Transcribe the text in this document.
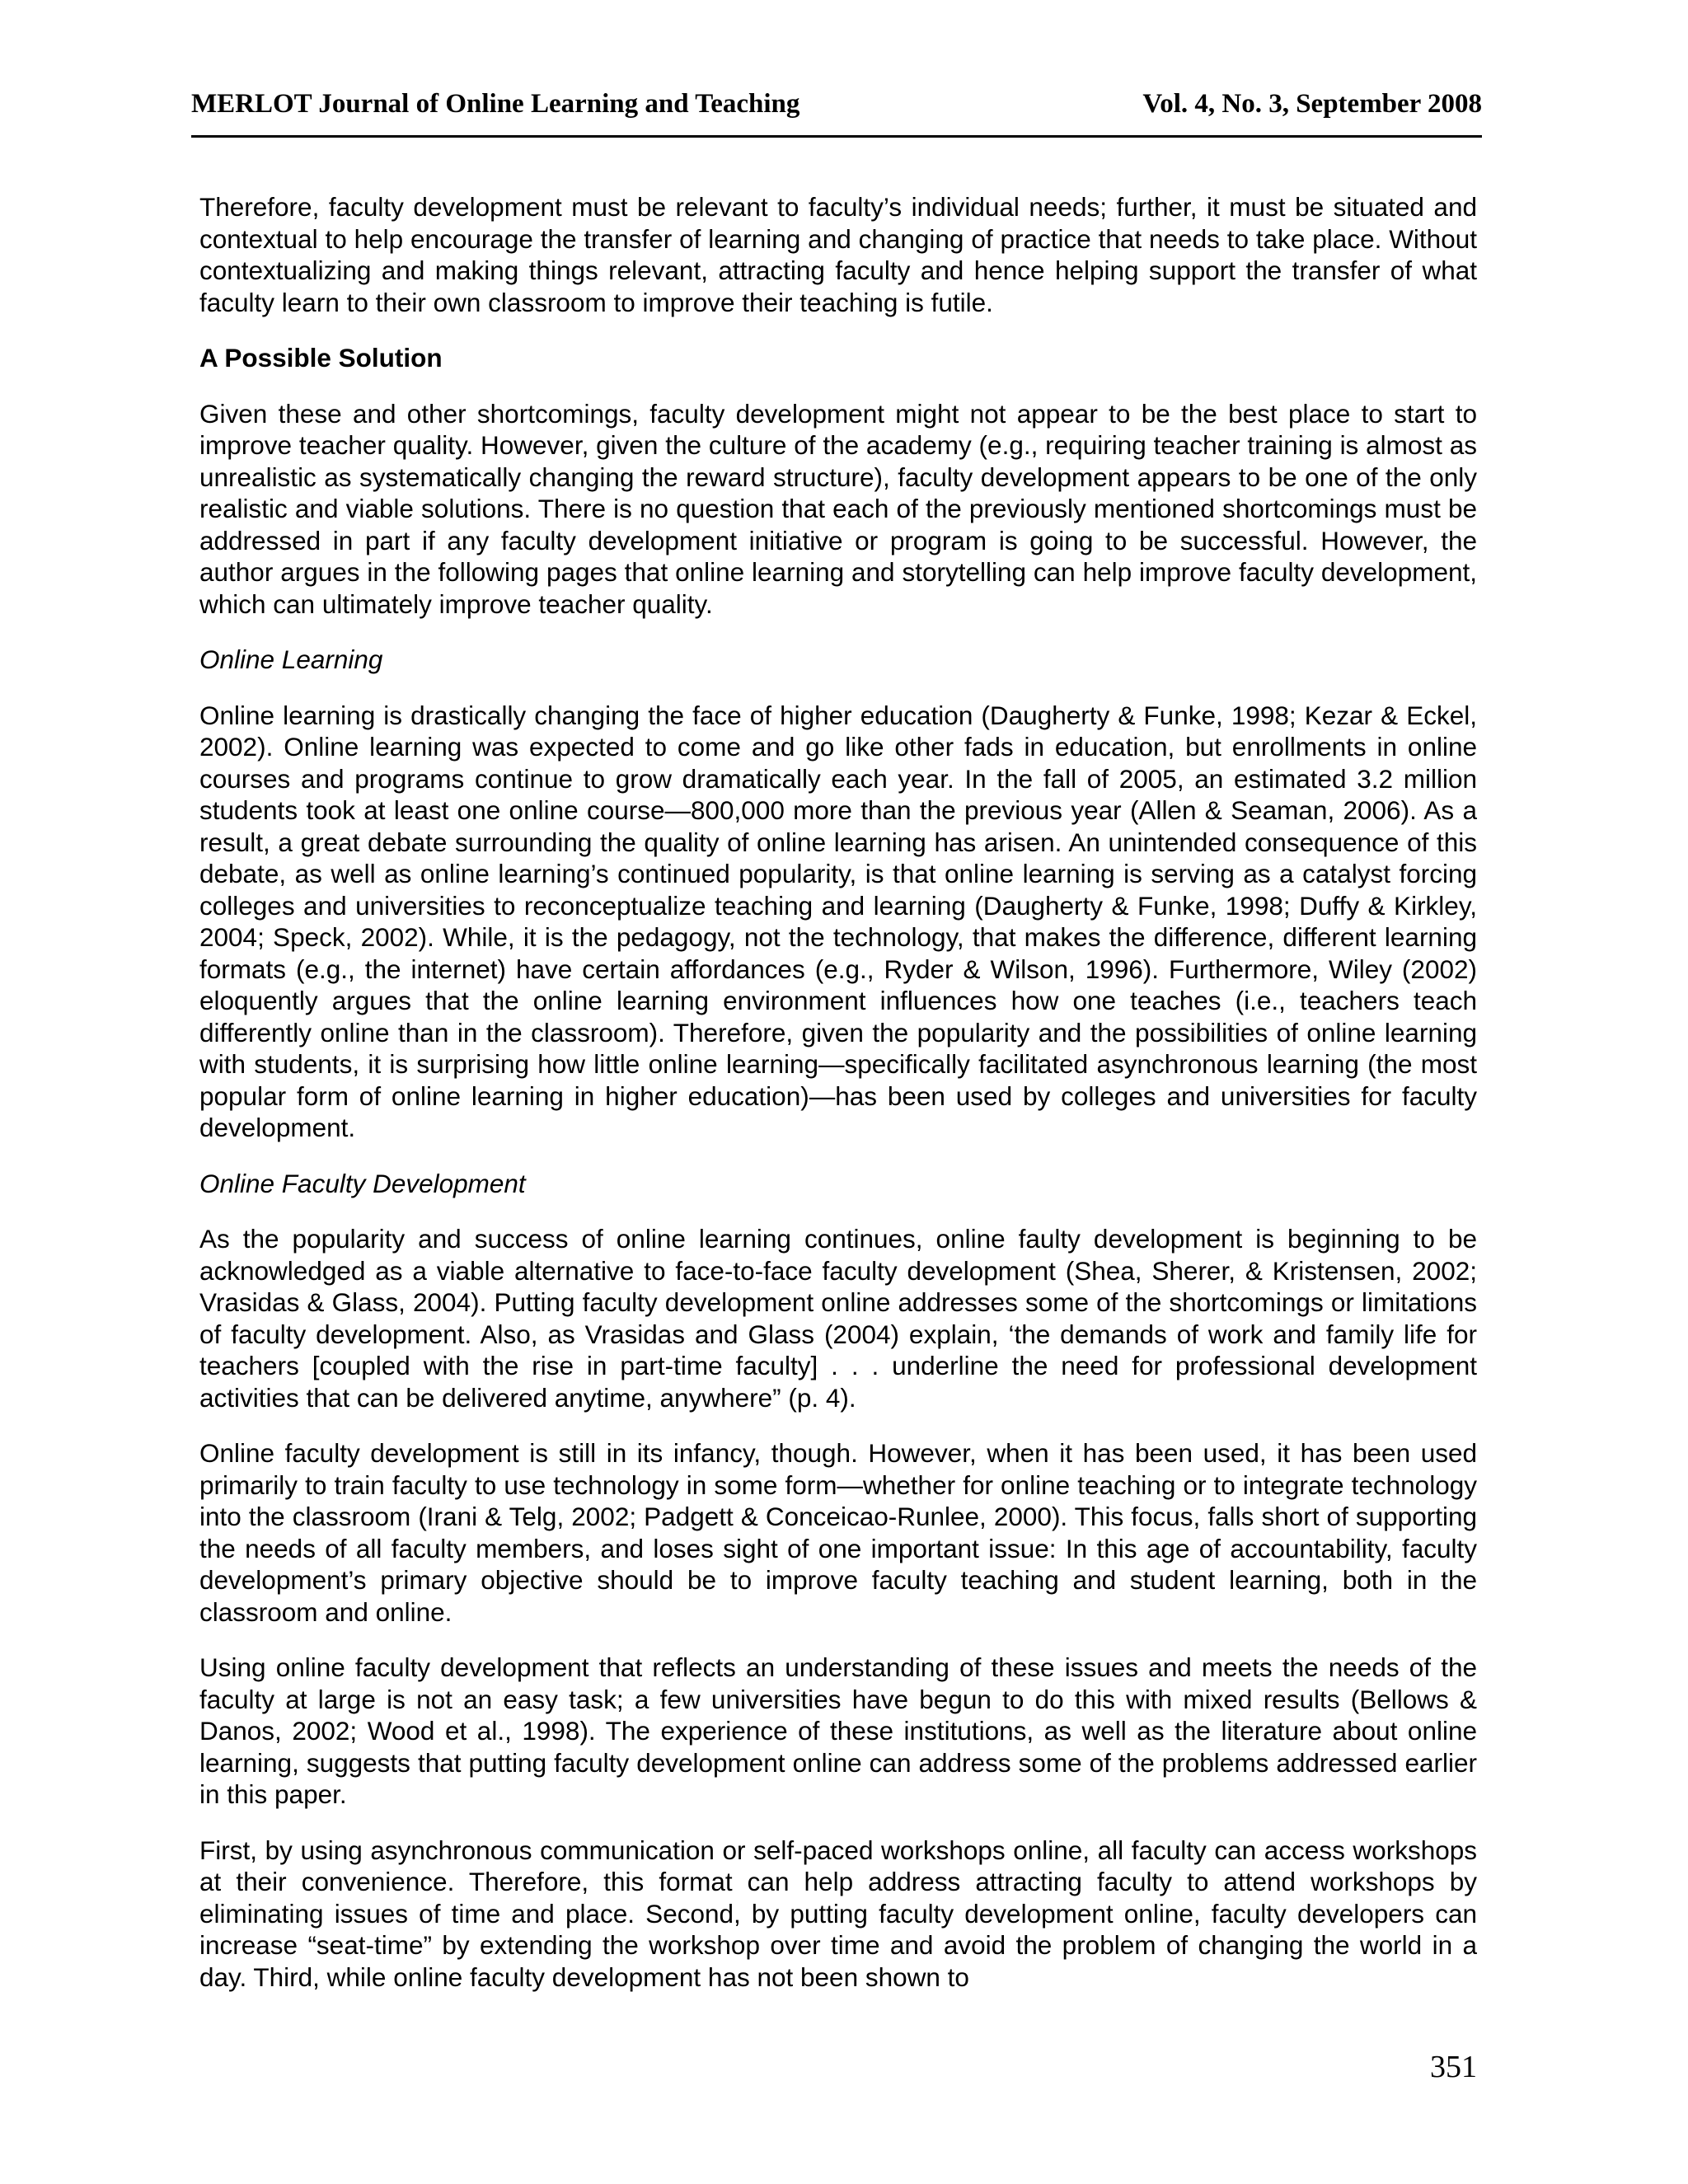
MERLOT Journal of Online Learning and Teaching	Vol. 4, No. 3, September 2008

Therefore, faculty development must be relevant to faculty’s individual needs; further, it must be situated and contextual to help encourage the transfer of learning and changing of practice that needs to take place. Without contextualizing and making things relevant, attracting faculty and hence helping support the transfer of what faculty learn to their own classroom to improve their teaching is futile.

A Possible Solution

Given these and other shortcomings, faculty development might not appear to be the best place to start to improve teacher quality. However, given the culture of the academy (e.g., requiring teacher training is almost as unrealistic as systematically changing the reward structure), faculty development appears to be one of the only realistic and viable solutions. There is no question that each of the previously mentioned shortcomings must be addressed in part if any faculty development initiative or program is going to be successful. However, the author argues in the following pages that online learning and storytelling can help improve faculty development, which can ultimately improve teacher quality.

Online Learning

Online learning is drastically changing the face of higher education (Daugherty & Funke, 1998; Kezar & Eckel, 2002). Online learning was expected to come and go like other fads in education, but enrollments in online courses and programs continue to grow dramatically each year. In the fall of 2005, an estimated 3.2 million students took at least one online course—800,000 more than the previous year (Allen & Seaman, 2006). As a result, a great debate surrounding the quality of online learning has arisen. An unintended consequence of this debate, as well as online learning’s continued popularity, is that online learning is serving as a catalyst forcing colleges and universities to reconceptualize teaching and learning (Daugherty & Funke, 1998; Duffy & Kirkley, 2004; Speck, 2002). While, it is the pedagogy, not the technology, that makes the difference, different learning formats (e.g., the internet) have certain affordances (e.g., Ryder & Wilson, 1996). Furthermore, Wiley (2002) eloquently argues that the online learning environment influences how one teaches (i.e., teachers teach differently online than in the classroom). Therefore, given the popularity and the possibilities of online learning with students, it is surprising how little online learning—specifically facilitated asynchronous learning (the most popular form of online learning in higher education)—has been used by colleges and universities for faculty development.

Online Faculty Development

As the popularity and success of online learning continues, online faulty development is beginning to be acknowledged as a viable alternative to face-to-face faculty development (Shea, Sherer, & Kristensen, 2002; Vrasidas & Glass, 2004). Putting faculty development online addresses some of the shortcomings or limitations of faculty development. Also, as Vrasidas and Glass (2004) explain, ‘the demands of work and family life for teachers [coupled with the rise in part-time faculty] . . . underline the need for professional development activities that can be delivered anytime, anywhere” (p. 4).

Online faculty development is still in its infancy, though. However, when it has been used, it has been used primarily to train faculty to use technology in some form—whether for online teaching or to integrate technology into the classroom (Irani & Telg, 2002; Padgett & Conceicao-Runlee, 2000). This focus, falls short of supporting the needs of all faculty members, and loses sight of one important issue: In this age of accountability, faculty development’s primary objective should be to improve faculty teaching and student learning, both in the classroom and online.

Using online faculty development that reflects an understanding of these issues and meets the needs of the faculty at large is not an easy task; a few universities have begun to do this with mixed results (Bellows & Danos, 2002; Wood et al., 1998). The experience of these institutions, as well as the literature about online learning, suggests that putting faculty development online can address some of the problems addressed earlier in this paper.

First, by using asynchronous communication or self-paced workshops online, all faculty can access workshops at their convenience. Therefore, this format can help address attracting faculty to attend workshops by eliminating issues of time and place. Second, by putting faculty development online, faculty developers can increase “seat-time” by extending the workshop over time and avoid the problem of changing the world in a day. Third, while online faculty development has not been shown to

351
